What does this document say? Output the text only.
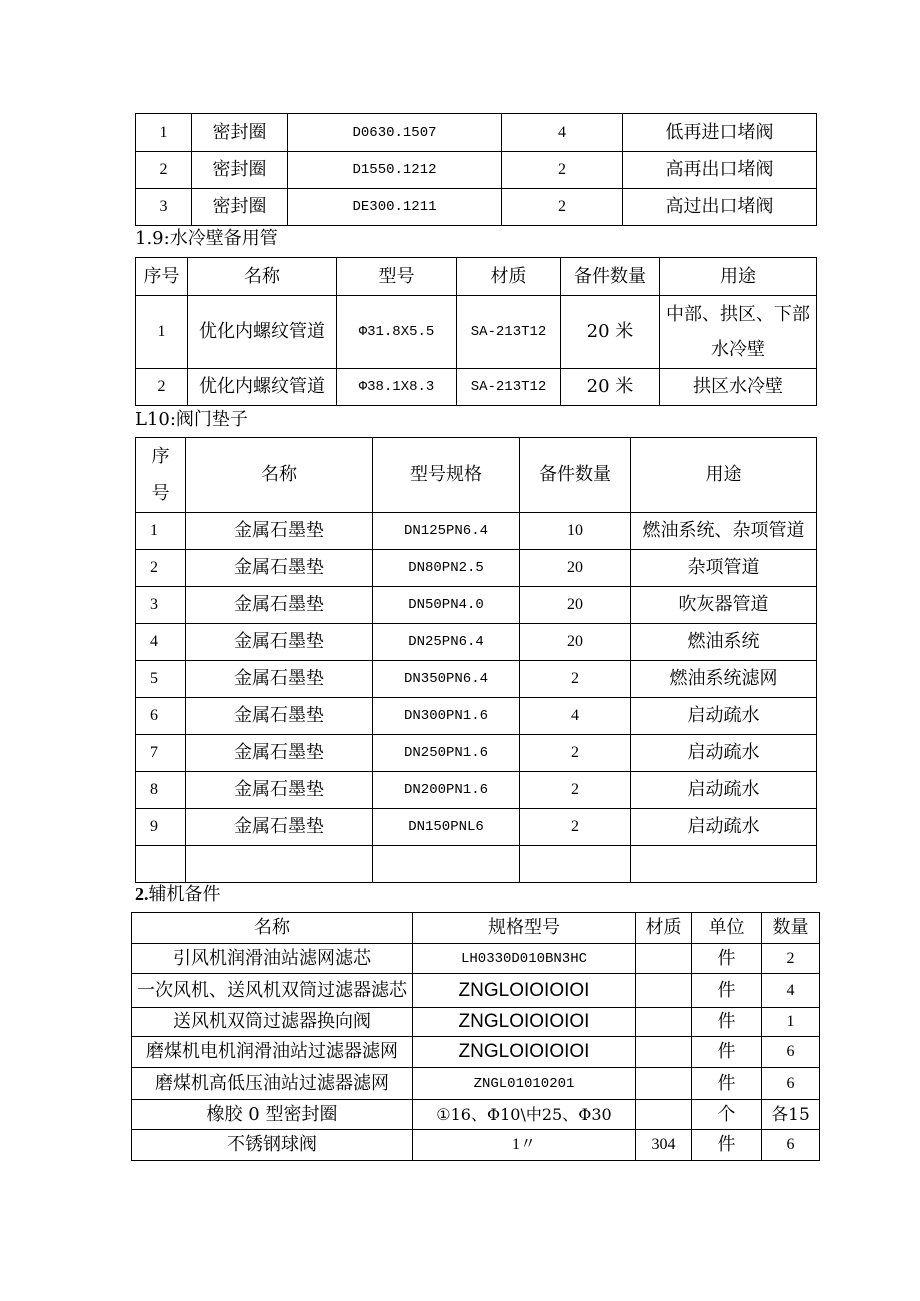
1	密封圈	D0630.1507	4	低再进口堵阀
2	密封圈	D1550.1212	2	高再出口堵阀
3	密封圈	DE300.1211	2	高过出口堵阀
1.9:水冷壁备用管
序号	名称	型号	材质	备件数量	用途
1	优化内螺纹管道	Φ31.8X5.5	SA-213T12	20 米	中部、拱区、下部水冷壁
2	优化内螺纹管道	Φ38.1X8.3	SA-213T12	20 米	拱区水冷壁
L10:阀门垫子
序号	名称	型号规格	备件数量	用途
1	金属石墨垫	DN125PN6.4	10	燃油系统、杂项管道
2	金属石墨垫	DN80PN2.5	20	杂项管道
3	金属石墨垫	DN50PN4.0	20	吹灰器管道
4	金属石墨垫	DN25PN6.4	20	燃油系统
5	金属石墨垫	DN350PN6.4	2	燃油系统滤网
6	金属石墨垫	DN300PN1.6	4	启动疏水
7	金属石墨垫	DN250PN1.6	2	启动疏水
8	金属石墨垫	DN200PN1.6	2	启动疏水
9	金属石墨垫	DN150PNL6	2	启动疏水

2.辅机备件
名称	规格型号	材质	单位	数量
引风机润滑油站滤网滤芯	LH0330D010BN3HC		件	2
一次风机、送风机双筒过滤器滤芯	ZNGLOIOIOIOI		件	4
送风机双筒过滤器换向阀	ZNGLOIOIOIOI		件	1
磨煤机电机润滑油站过滤器滤网	ZNGLOIOIOIOI		件	6
磨煤机高低压油站过滤器滤网	ZNGL01010201		件	6
橡胶 0 型密封圈	①16、Φ10\中25、Φ30		个	各15
不锈钢球阀	1〃	304	件	6
